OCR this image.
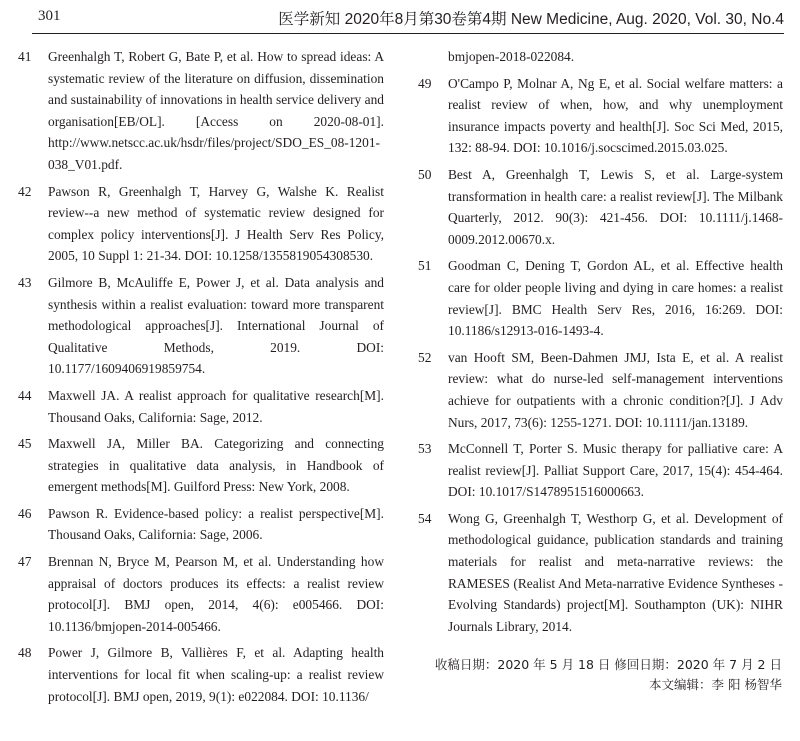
301	医学新知 2020年8月第30卷第4期 New Medicine, Aug. 2020, Vol. 30, No.4
41 Greenhalgh T, Robert G, Bate P, et al. How to spread ideas: A systematic review of the literature on diffusion, dissemination and sustainability of innovations in health service delivery and organisation[EB/OL]. [Access on 2020-08-01]. http://www.netscc.ac.uk/hsdr/files/project/SDO_ES_08-1201-038_V01.pdf.
42 Pawson R, Greenhalgh T, Harvey G, Walshe K. Realist review--a new method of systematic review designed for complex policy interventions[J]. J Health Serv Res Policy, 2005, 10 Suppl 1: 21-34. DOI: 10.1258/1355819054308530.
43 Gilmore B, McAuliffe E, Power J, et al. Data analysis and synthesis within a realist evaluation: toward more transparent methodological approaches[J]. International Journal of Qualitative Methods, 2019. DOI: 10.1177/1609406919859754.
44 Maxwell JA. A realist approach for qualitative research[M]. Thousand Oaks, California: Sage, 2012.
45 Maxwell JA, Miller BA. Categorizing and connecting strategies in qualitative data analysis, in Handbook of emergent methods[M]. Guilford Press: New York, 2008.
46 Pawson R. Evidence-based policy: a realist perspective[M]. Thousand Oaks, California: Sage, 2006.
47 Brennan N, Bryce M, Pearson M, et al. Understanding how appraisal of doctors produces its effects: a realist review protocol[J]. BMJ open, 2014, 4(6): e005466. DOI: 10.1136/bmjopen-2014-005466.
48 Power J, Gilmore B, Vallières F, et al. Adapting health interventions for local fit when scaling-up: a realist review protocol[J]. BMJ open, 2019, 9(1): e022084. DOI: 10.1136/
bmjopen-2018-022084.
49 O'Campo P, Molnar A, Ng E, et al. Social welfare matters: a realist review of when, how, and why unemployment insurance impacts poverty and health[J]. Soc Sci Med, 2015, 132: 88-94. DOI: 10.1016/j.socscimed.2015.03.025.
50 Best A, Greenhalgh T, Lewis S, et al. Large-system transformation in health care: a realist review[J]. The Milbank Quarterly, 2012. 90(3): 421-456. DOI: 10.1111/j.1468-0009.2012.00670.x.
51 Goodman C, Dening T, Gordon AL, et al. Effective health care for older people living and dying in care homes: a realist review[J]. BMC Health Serv Res, 2016, 16:269. DOI: 10.1186/s12913-016-1493-4.
52 van Hooft SM, Been-Dahmen JMJ, Ista E, et al. A realist review: what do nurse-led self-management interventions achieve for outpatients with a chronic condition?[J]. J Adv Nurs, 2017, 73(6): 1255-1271. DOI: 10.1111/jan.13189.
53 McConnell T, Porter S. Music therapy for palliative care: A realist review[J]. Palliat Support Care, 2017, 15(4): 454-464. DOI: 10.1017/S1478951516000663.
54 Wong G, Greenhalgh T, Westhorp G, et al. Development of methodological guidance, publication standards and training materials for realist and meta-narrative reviews: the RAMESES (Realist And Meta-narrative Evidence Syntheses - Evolving Standards) project[M]. Southampton (UK): NIHR Journals Library, 2014.
收稿日期：2020 年 5 月 18 日 修回日期：2020 年 7 月 2 日
本文编辑：李 阳 杨智华
